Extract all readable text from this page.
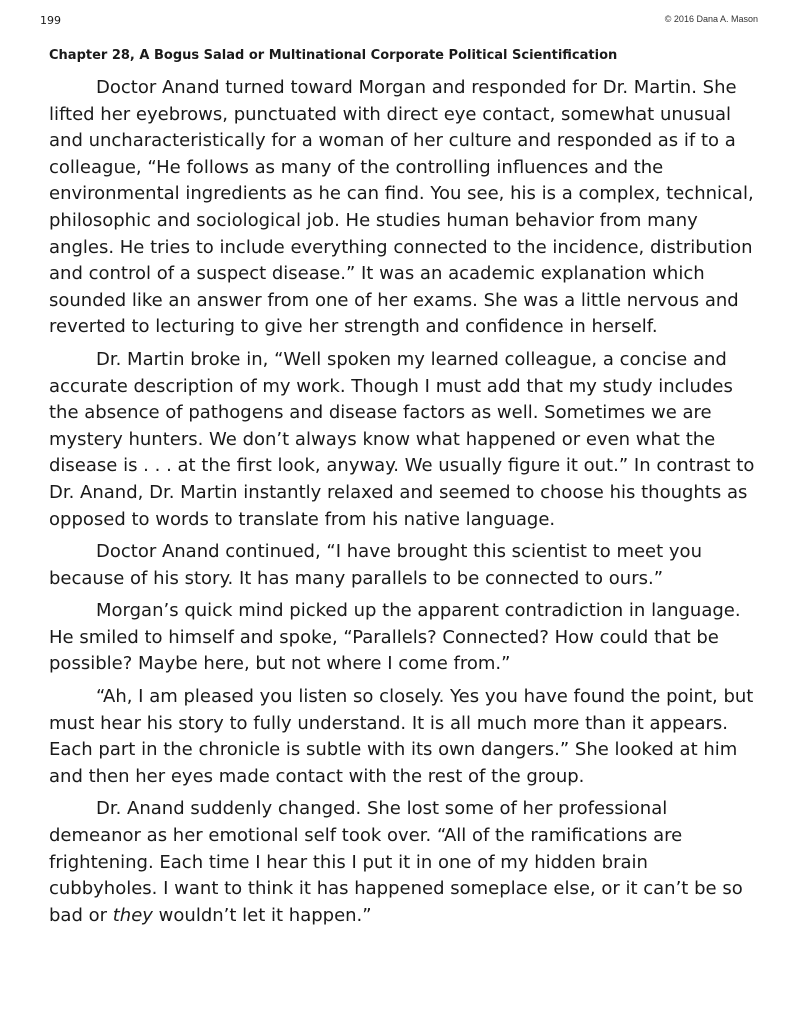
199	© 2016 Dana A. Mason
Chapter 28, A Bogus Salad or Multinational Corporate Political Scientification

Doctor Anand turned toward Morgan and responded for Dr. Martin. She lifted her eyebrows, punctuated with direct eye contact, somewhat unusual and uncharacteristically for a woman of her culture and responded as if to a colleague, “He follows as many of the controlling influences and the environmental ingredients as he can find. You see, his is a complex, technical, philosophic and sociological job. He studies human behavior from many angles. He tries to include everything connected to the incidence, distribution and control of a suspect disease.” It was an academic explanation which sounded like an answer from one of her exams. She was a little nervous and reverted to lecturing to give her strength and confidence in herself.

Dr. Martin broke in, “Well spoken my learned colleague, a concise and accurate description of my work. Though I must add that my study includes the absence of pathogens and disease factors as well. Sometimes we are mystery hunters. We don’t always know what happened or even what the disease is . . . at the first look, anyway. We usually figure it out.” In contrast to Dr. Anand, Dr. Martin instantly relaxed and seemed to choose his thoughts as opposed to words to translate from his native language.

Doctor Anand continued, “I have brought this scientist to meet you because of his story. It has many parallels to be connected to ours.”

Morgan’s quick mind picked up the apparent contradiction in language. He smiled to himself and spoke, “Parallels? Connected? How could that be possible? Maybe here, but not where I come from.”

“Ah, I am pleased you listen so closely. Yes you have found the point, but must hear his story to fully understand. It is all much more than it appears. Each part in the chronicle is subtle with its own dangers.” She looked at him and then her eyes made contact with the rest of the group.

Dr. Anand suddenly changed. She lost some of her professional demeanor as her emotional self took over. “All of the ramifications are frightening. Each time I hear this I put it in one of my hidden brain cubbyholes. I want to think it has happened someplace else, or it can’t be so bad or they wouldn’t let it happen.”
